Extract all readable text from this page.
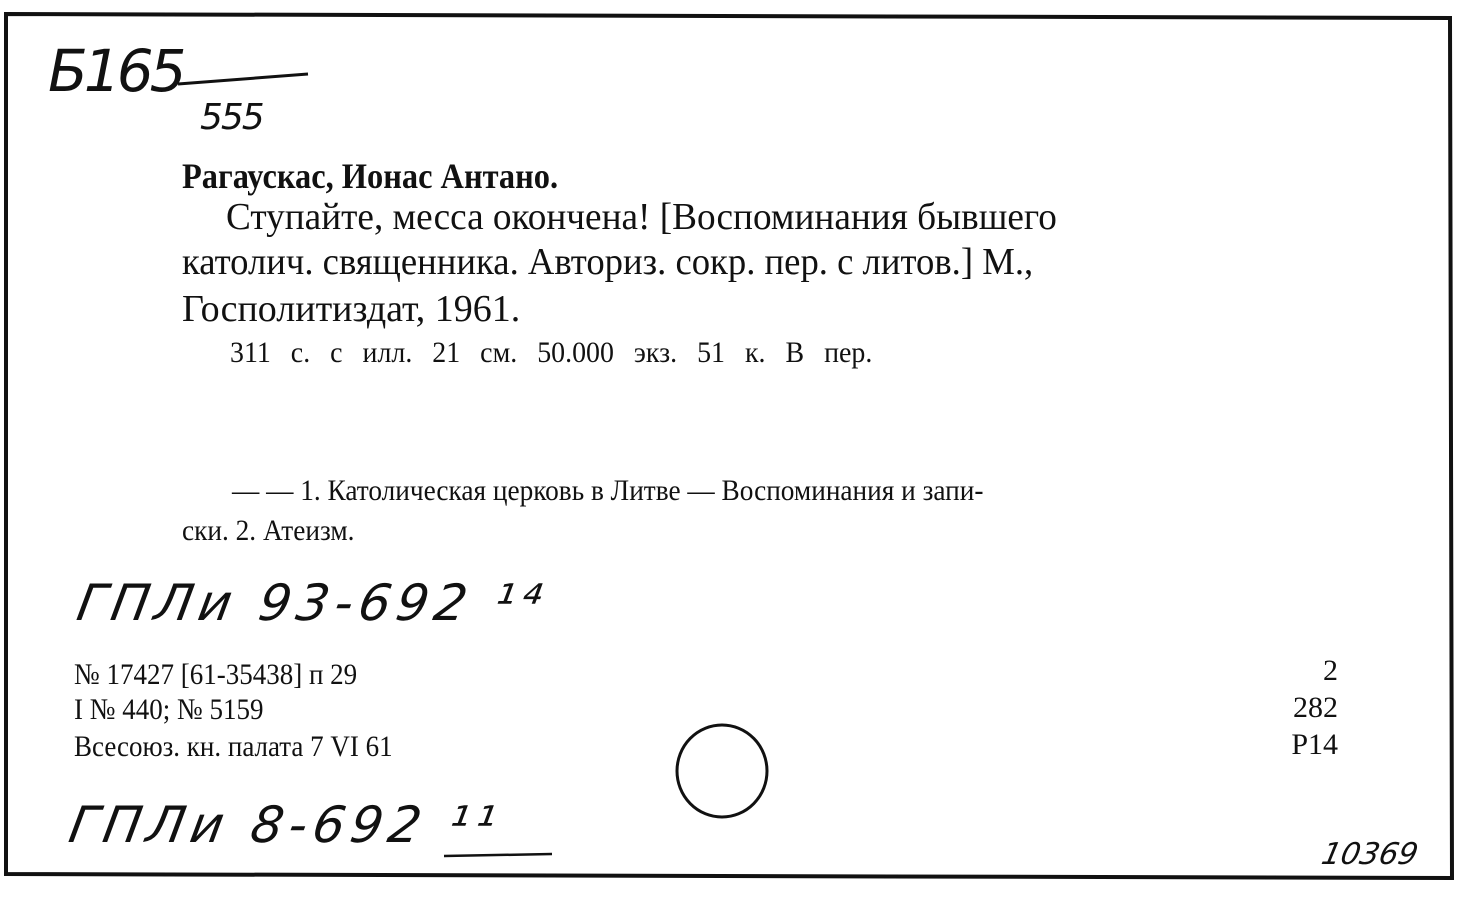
Б165
555
Рагаускас, Ионас Антано.
Ступайте, месса окончена! [Воспоминания бывшего
католич. священника. Авториз. сокр. пер. с литов.] М.,
Госполитиздат, 1961.
311 с. с илл. 21 см. 50.000 экз. 51 к. В пер.
— — 1. Католическая церковь в Литве — Воспоминания и запи-
ски. 2. Атеизм.
ГПЛи 93-692 ¹⁴
№ 17427 [61-35438] п 29
I № 440; № 5159
Всесоюз. кн. палата 7 VI 61
2
282
Р14
ГПЛи 8-692 ¹¹
10369
